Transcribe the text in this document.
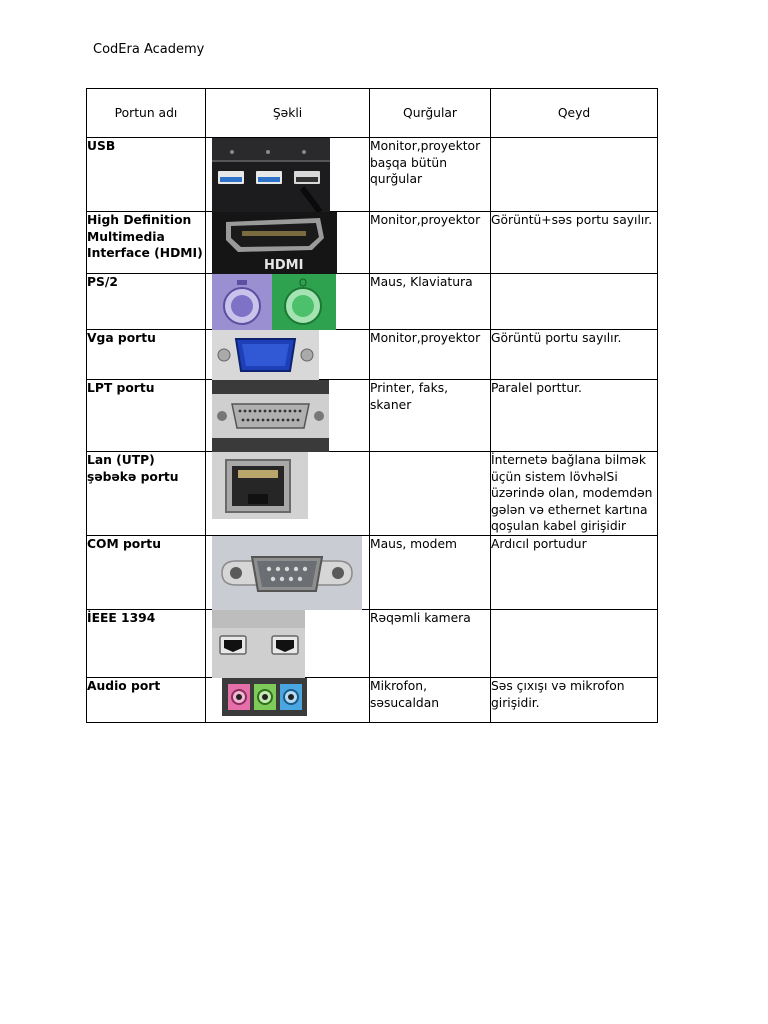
CodEra Academy
Portun adı	Şəkli	Qurğular	Qeyd
USB		Monitor,proyektor başqa bütün qurğular	
High Definition Multimedia Interface (HDMI)	HDMI	Monitor,proyektor	Görüntü+səs portu sayılır.
PS/2		Maus, Klaviatura	
Vga portu		Monitor,proyektor	Görüntü portu sayılır.
LPT portu		Printer, faks, skaner	Paralel porttur.
Lan (UTP) şəbəkə portu			İnternetə bağlana bilmək üçün sistem lövhəlSi üzərində olan, modemdən gələn və ethernet kartına qoşulan kabel girişidir
COM portu		Maus, modem	Ardıcıl portudur
İEEE 1394		Rəqəmli kamera	
Audio port		Mikrofon, səsucaldan	Səs çıxışı və mikrofon girişidir.
